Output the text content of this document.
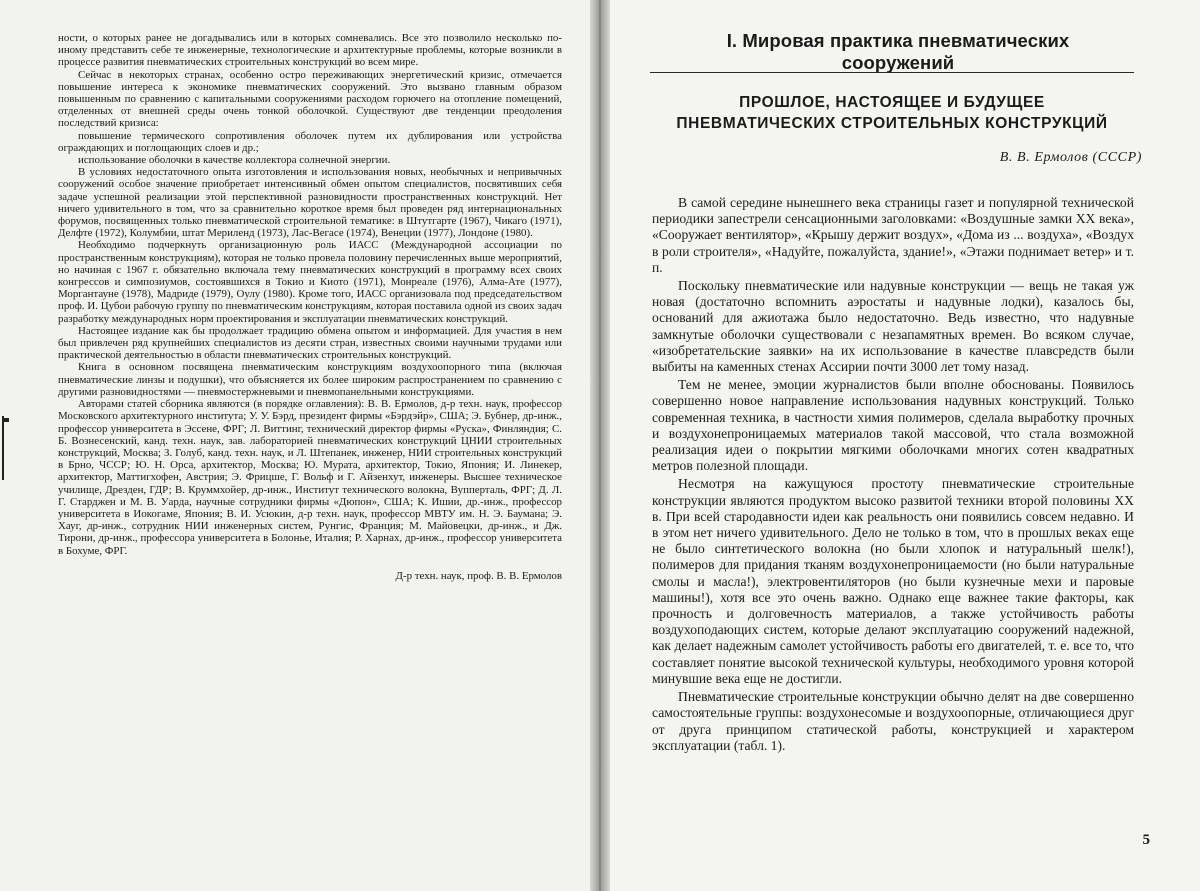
ности, о которых ранее не догадывались или в которых сомневались. Все это позволило несколько по-иному представить себе те инженерные, технологические и архитектурные проблемы, которые возникли в процессе развития пневматических строительных конструкций во всем мире.

Сейчас в некоторых странах, особенно остро переживающих энергетический кризис, отмечается повышение интереса к экономике пневматических сооружений. Это вызвано главным образом повышенным по сравнению с капитальными сооружениями расходом горючего на отопление помещений, отделенных от внешней среды очень тонкой оболочкой. Существуют две тенденции преодоления последствий кризиса:

повышение термического сопротивления оболочек путем их дублирования или устройства ограждающих и поглощающих слоев и др.;

использование оболочки в качестве коллектора солнечной энергии.

В условиях недостаточного опыта изготовления и использования новых, необычных и непривычных сооружений особое значение приобретает интенсивный обмен опытом специалистов, посвятивших себя задаче успешной реализации этой перспективной разновидности пространственных конструкций. Нет ничего удивительного в том, что за сравнительно короткое время был проведен ряд интернациональных форумов, посвященных только пневматической строительной тематике: в Штутгарте (1967), Чикаго (1971), Делфте (1972), Колумбии, штат Мериленд (1973), Лас-Вегасе (1974), Венеции (1977), Лондоне (1980).

Необходимо подчеркнуть организационную роль ИАСС (Международной ассоциации по пространственным конструкциям), которая не только провела половину перечисленных выше мероприятий, но начиная с 1967 г. обязательно включала тему пневматических конструкций в программу всех своих конгрессов и симпозиумов, состоявшихся в Токио и Киото (1971), Монреале (1976), Алма-Ате (1977), Моргантауне (1978), Мадриде (1979), Оулу (1980). Кроме того, ИАСС организовала под председательством проф. И. Цубои рабочую группу по пневматическим конструкциям, которая поставила одной из своих задач разработку международных норм проектирования и эксплуатации пневматических конструкций.

Настоящее издание как бы продолжает традицию обмена опытом и информацией. Для участия в нем был привлечен ряд крупнейших специалистов из десяти стран, известных своими научными трудами или практической деятельностью в области пневматических строительных конструкций.

Книга в основном посвящена пневматическим конструкциям воздухоопорного типа (включая пневматические линзы и подушки), что объясняется их более широким распространением по сравнению с другими разновидностями — пневмостержневыми и пневмопанельными конструкциями.

Авторами статей сборника являются (в порядке оглавления): В. В. Ермолов, д-р техн. наук, профессор Московского архитектурного института; У. У. Бэрд, президент фирмы «Бэрдэйр», США; Э. Бубнер, др-инж., профессор университета в Эссене, ФРГ; Л. Виттинг, технический директор фирмы «Руска», Финляндия; С. Б. Вознесенский, канд. техн. наук, зав. лабораторией пневматических конструкций ЦНИИ строительных конструкций, Москва; З. Голуб, канд. техн. наук, и Л. Штепанек, инженер, НИИ строительных конструкций в Брно, ЧССР; Ю. Н. Орса, архитектор, Москва; Ю. Мурата, архитектор, Токио, Япония; И. Линекер, архитектор, Маттигхофен, Австрия; Э. Фрицше, Г. Вольф и Г. Айзенхут, инженеры. Высшее техническое училище, Дрезден, ГДР; В. Круммхойер, др-инж., Институт технического волокна, Вупперталь, ФРГ; Д. Л. Г. Старджен и М. В. Уарда, научные сотрудники фирмы «Дюпон», США; К. Ишии, др.-инж., профессор университета в Иокогаме, Япония; В. И. Усюкин, д-р техн. наук, профессор МВТУ им. Н. Э. Баумана; Э. Хауг, др-инж., сотрудник НИИ инженерных систем, Рунгис, Франция; М. Майовецки, др-инж., и Дж. Тирони, др-инж., профессора университета в Болонье, Италия; Р. Харнах, др-инж., профессор университета в Бохуме, ФРГ.

Д-р техн. наук, проф. В. В. Ермолов

I. Мировая практика пневматических сооружений
ПРОШЛОЕ, НАСТОЯЩЕЕ И БУДУЩЕЕ
ПНЕВМАТИЧЕСКИХ СТРОИТЕЛЬНЫХ КОНСТРУКЦИЙ
В. В. Ермолов (СССР)

В самой середине нынешнего века страницы газет и популярной технической периодики запестрели сенсационными заголовками: «Воздушные замки XX века», «Сооружает вентилятор», «Крышу держит воздух», «Дома из ... воздуха», «Воздух в роли строителя», «Надуйте, пожалуйста, здание!», «Этажи поднимает ветер» и т. п.

Поскольку пневматические или надувные конструкции — вещь не такая уж новая (достаточно вспомнить аэростаты и надувные лодки), казалось бы, оснований для ажиотажа было недостаточно. Ведь известно, что надувные замкнутые оболочки существовали с незапамятных времен. Во всяком случае, «изобретательские заявки» на их использование в качестве плавсредств были выбиты на каменных стенах Ассирии почти 3000 лет тому назад.

Тем не менее, эмоции журналистов были вполне обоснованы. Появилось совершенно новое направление использования надувных конструкций. Только современная техника, в частности химия полимеров, сделала выработку прочных и воздухонепроницаемых материалов такой массовой, что стала возможной реализация идеи о покрытии мягкими оболочками многих сотен квадратных метров полезной площади.

Несмотря на кажущуюся простоту пневматические строительные конструкции являются продуктом высоко развитой техники второй половины XX в. При всей стародавности идеи как реальность они появились совсем недавно. И в этом нет ничего удивительного. Дело не только в том, что в прошлых веках еще не было синтетического волокна (но были хлопок и натуральный шелк!), полимеров для придания тканям воздухонепроницаемости (но были натуральные смолы и масла!), электровентиляторов (но были кузнечные мехи и паровые машины!), хотя все это очень важно. Однако еще важнее такие факторы, как прочность и долговечность материалов, а также устойчивость работы воздухоподающих систем, которые делают эксплуатацию сооружений надежной, как делает надежным самолет устойчивость работы его двигателей, т. е. все то, что составляет понятие высокой технической культуры, необходимого уровня которой минувшие века еще не достигли.

Пневматические строительные конструкции обычно делят на две совершенно самостоятельные группы: воздухонесомые и воздухоопорные, отличающиеся друг от друга принципом статической работы, конструкцией и характером эксплуатации (табл. 1).

5
